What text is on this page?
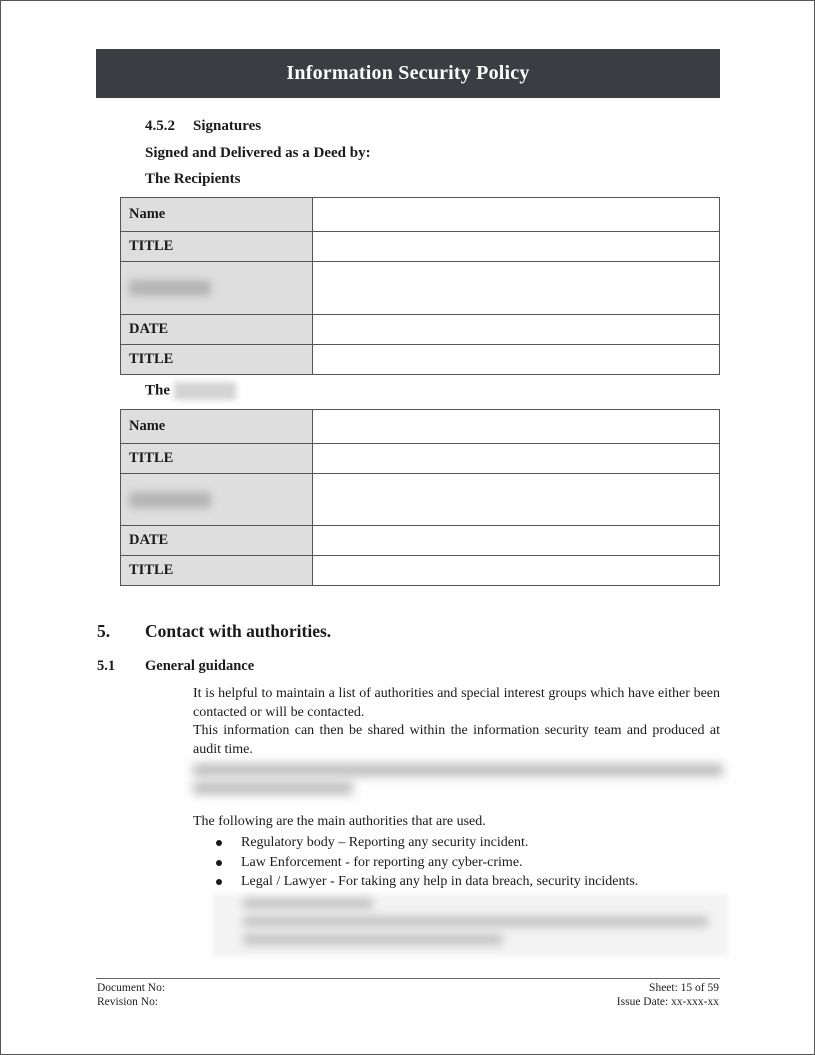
Information Security Policy
4.5.2 Signatures
Signed and Delivered as a Deed by:
The Recipients
Name	
TITLE	

DATE	
TITLE	
The
Name	
TITLE	

DATE	
TITLE	
5. Contact with authorities.
5.1 General guidance
It is helpful to maintain a list of authorities and special interest groups which have either been contacted or will be contacted.
This information can then be shared within the information security team and produced at audit time.
The following are the main authorities that are used.
Regulatory body – Reporting any security incident.
Law Enforcement - for reporting any cyber-crime.
Legal / Lawyer - For taking any help in data breach, security incidents.
Document No:
Revision No:
Sheet: 15 of 59
Issue Date: xx-xxx-xx
